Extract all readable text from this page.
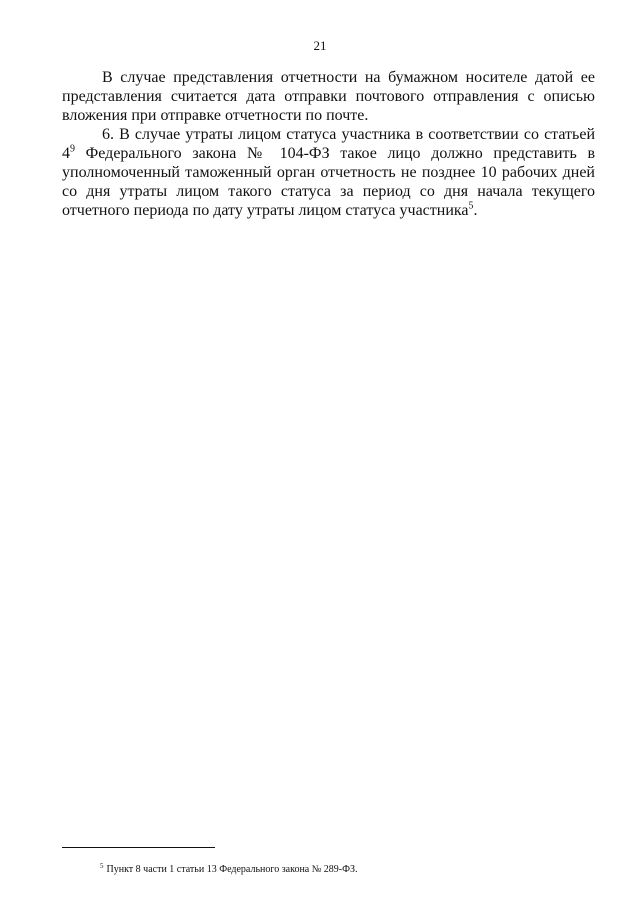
21

В случае представления отчетности на бумажном носителе датой ее представления считается дата отправки почтового отправления с описью вложения при отправке отчетности по почте.

6. В случае утраты лицом статуса участника в соответствии со статьей $4^9$ Федерального закона № 104-ФЗ такое лицо должно представить в уполномоченный таможенный орган отчетность не позднее 10 рабочих дней со дня утраты лицом такого статуса за период со дня начала текущего отчетного периода по дату утраты лицом статуса участника$^5$.

$^5$ Пункт 8 части 1 статьи 13 Федерального закона № 289-ФЗ.
